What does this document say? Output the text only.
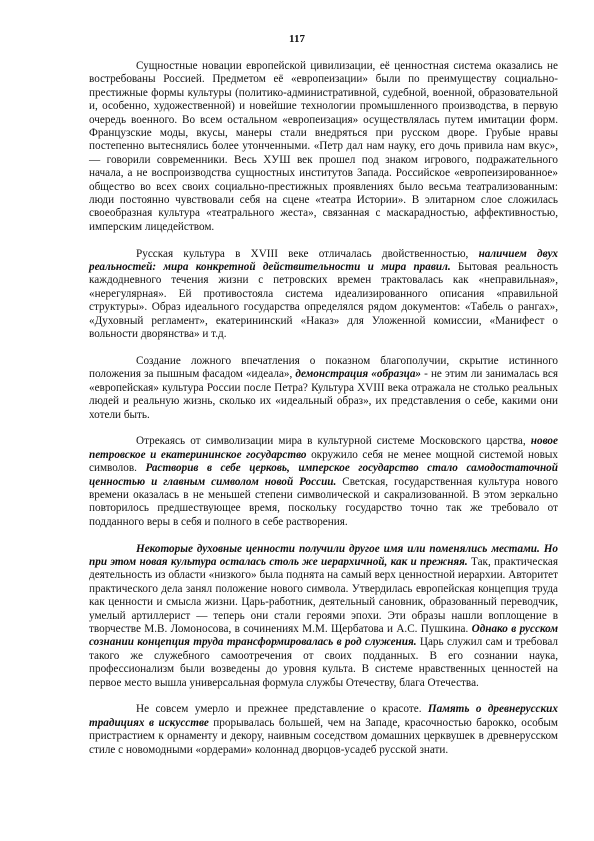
117

Сущностные новации европейской цивилизации, её ценностная система оказались не востребованы Россией. Предметом её «европеизации» были по преимуществу социально-престижные формы культуры (политико-административной, судебной, военной, образовательной и, особенно, художественной) и новейшие технологии промышленного производства, в первую очередь военного. Во всем остальном «европеизация» осуществлялась путем имитации форм. Французские моды, вкусы, манеры стали внедряться при русском дворе. Грубые нравы постепенно вытеснялись более утонченными. «Петр дал нам науку, его дочь привила нам вкус», — говорили современники. Весь ХУШ век прошел под знаком игрового, подражательного начала, а не воспроизводства сущностных институтов Запада. Российское «европеизированное» общество во всех своих социально-престижных проявлениях было весьма театрализованным: люди постоянно чувствовали себя на сцене «театра Истории». В элитарном слое сложилась своеобразная культура «театрального жеста», связанная с маскарадностью, аффективностью, имперским лицедейством.

Русская культура в XVIII веке отличалась двойственностью, наличием двух реальностей: мира конкретной действительности и мира правил. Бытовая реальность каждодневного течения жизни с петровских времен трактовалась как «неправильная», «нерегулярная». Ей противостояла система идеализированного описания «правильной структуры». Образ идеального государства определялся рядом документов: «Табель о рангах», «Духовный регламент», екатерининский «Наказ» для Уложенной комиссии, «Манифест о вольности дворянства» и т.д.

Создание ложного впечатления о показном благополучии, скрытие истинного положения за пышным фасадом «идеала», демонстрация «образца» - не этим ли занималась вся «европейская» культура России после Петра? Культура XVIII века отражала не столько реальных людей и реальную жизнь, сколько их «идеальный образ», их представления о себе, какими они хотели быть.

Отрекаясь от символизации мира в культурной системе Московского царства, новое петровское и екатерининское государство окружило себя не менее мощной системой новых символов. Растворив в себе церковь, имперское государство стало самодостаточной ценностью и главным символом новой России. Светская, государственная культура нового времени оказалась в не меньшей степени символической и сакрализованной. В этом зеркально повторилось предшествующее время, поскольку государство точно так же требовало от подданного веры в себя и полного в себе растворения.

Некоторые духовные ценности получили другое имя или поменялись местами. Но при этом новая культура осталась столь же иерархичной, как и прежняя. Так, практическая деятельность из области «низкого» была поднята на самый верх ценностной иерархии. Авторитет практического дела занял положение нового символа. Утвердилась европейская концепция труда как ценности и смысла жизни. Царь-работник, деятельный сановник, образованный переводчик, умелый артиллерист — теперь они стали героями эпохи. Эти образы нашли воплощение в творчестве М.В. Ломоносова, в сочинениях М.М. Щербатова и А.С. Пушкина. Однако в русском сознании концепция труда трансформировалась в род служения. Царь служил сам и требовал такого же служебного самоотречения от своих подданных. В его сознании наука, профессионализм были возведены до уровня культа. В системе нравственных ценностей на первое место вышла универсальная формула службы Отечеству, блага Отечества.

Не совсем умерло и прежнее представление о красоте. Память о древнерусских традициях в искусстве прорывалась большей, чем на Западе, красочностью барокко, особым пристрастием к орнаменту и декору, наивным соседством домашних церквушек в древнерусском стиле с новомодными «ордерами» колоннад дворцов-усадеб русской знати.
